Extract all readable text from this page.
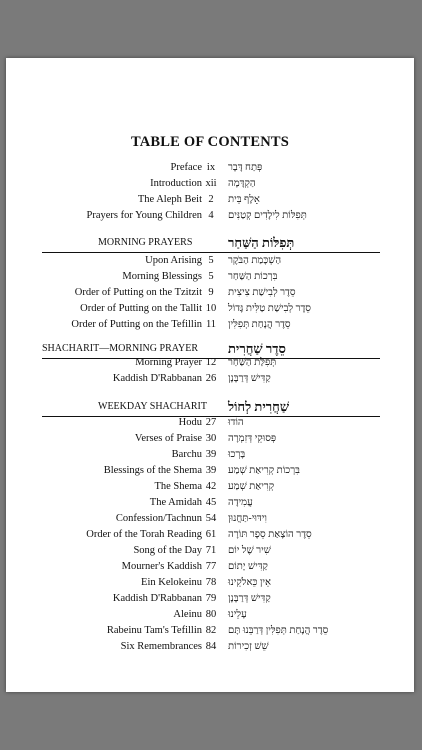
TABLE OF CONTENTS
Preface ix פְּתַח דָּבָר
Introduction xii הַקְדָּמָה
The Aleph Beit 2	אָלֶף בֵּית
Prayers for Young Children 4	תְּפִלּוֹת לִילָדִים קְטַנִּים
MORNING PRAYERS	תְּפִלּוֹת הַשַּׁחַר
Upon Arising 5	הַשְׁכָּמַת הַבֹּקֶר
Morning Blessings 5	בִּרְכוֹת הַשַּׁחַר
Order of Putting on the Tzitzit 9	סֵדֶר לְבִישַׁת צִיצִית
Order of Putting on the Tallit 10 סֵדֶר לְבִישַׁת טַלִּית גָּדוֹל
Order of Putting on the Tefillin 11 סֵדֶר הֲנָחַת תְּפִלִּין
SHACHARIT—MORNING PRAYER סֵדֶר שַׁחֲרִית
Morning Prayer 12 תְּפִלַּת הַשַּׁחַר
Kaddish D'Rabbanan 26 קַדִּישׁ דְּרַבָּנָן
WEEKDAY SHACHARIT שַׁחֲרִית לְחוֹל
Hodu 27 הוֹדוּ
Verses of Praise 30 פְּסוּקֵי דְּזִמְרָה
Barchu 39 בָּרְכוּ
Blessings of the Shema 39 בִּרְכוֹת קְרִיאַת שְׁמַע
The Shema 42 קְרִיאַת שְׁמַע
The Amidah 45 עֲמִידָה
Confession/Tachnun 54 וִידּוּי-תַּחֲנוּן
Order of the Torah Reading 61 סֵדֶר הוֹצָאַת סֵפֶר תּוֹרָה
Song of the Day 71 שִׁיר שֶׁל יוֹם
Mourner's Kaddish 77 קַדִּישׁ יָתוֹם
Ein Kelokeinu 78 אֵין כֵּאלֹקֵינוּ
Kaddish D'Rabbanan 79 קַדִּישׁ דְּרַבָּנָן
Aleinu 80 עָלֵינוּ
Rabeinu Tam's Tefillin 82 סֵדֶר הֲנָחַת תְּפִלִּין דְּרַבֵּנוּ תָּם
Six Remembrances 84 שֵׁשׁ זְכִירוֹת
